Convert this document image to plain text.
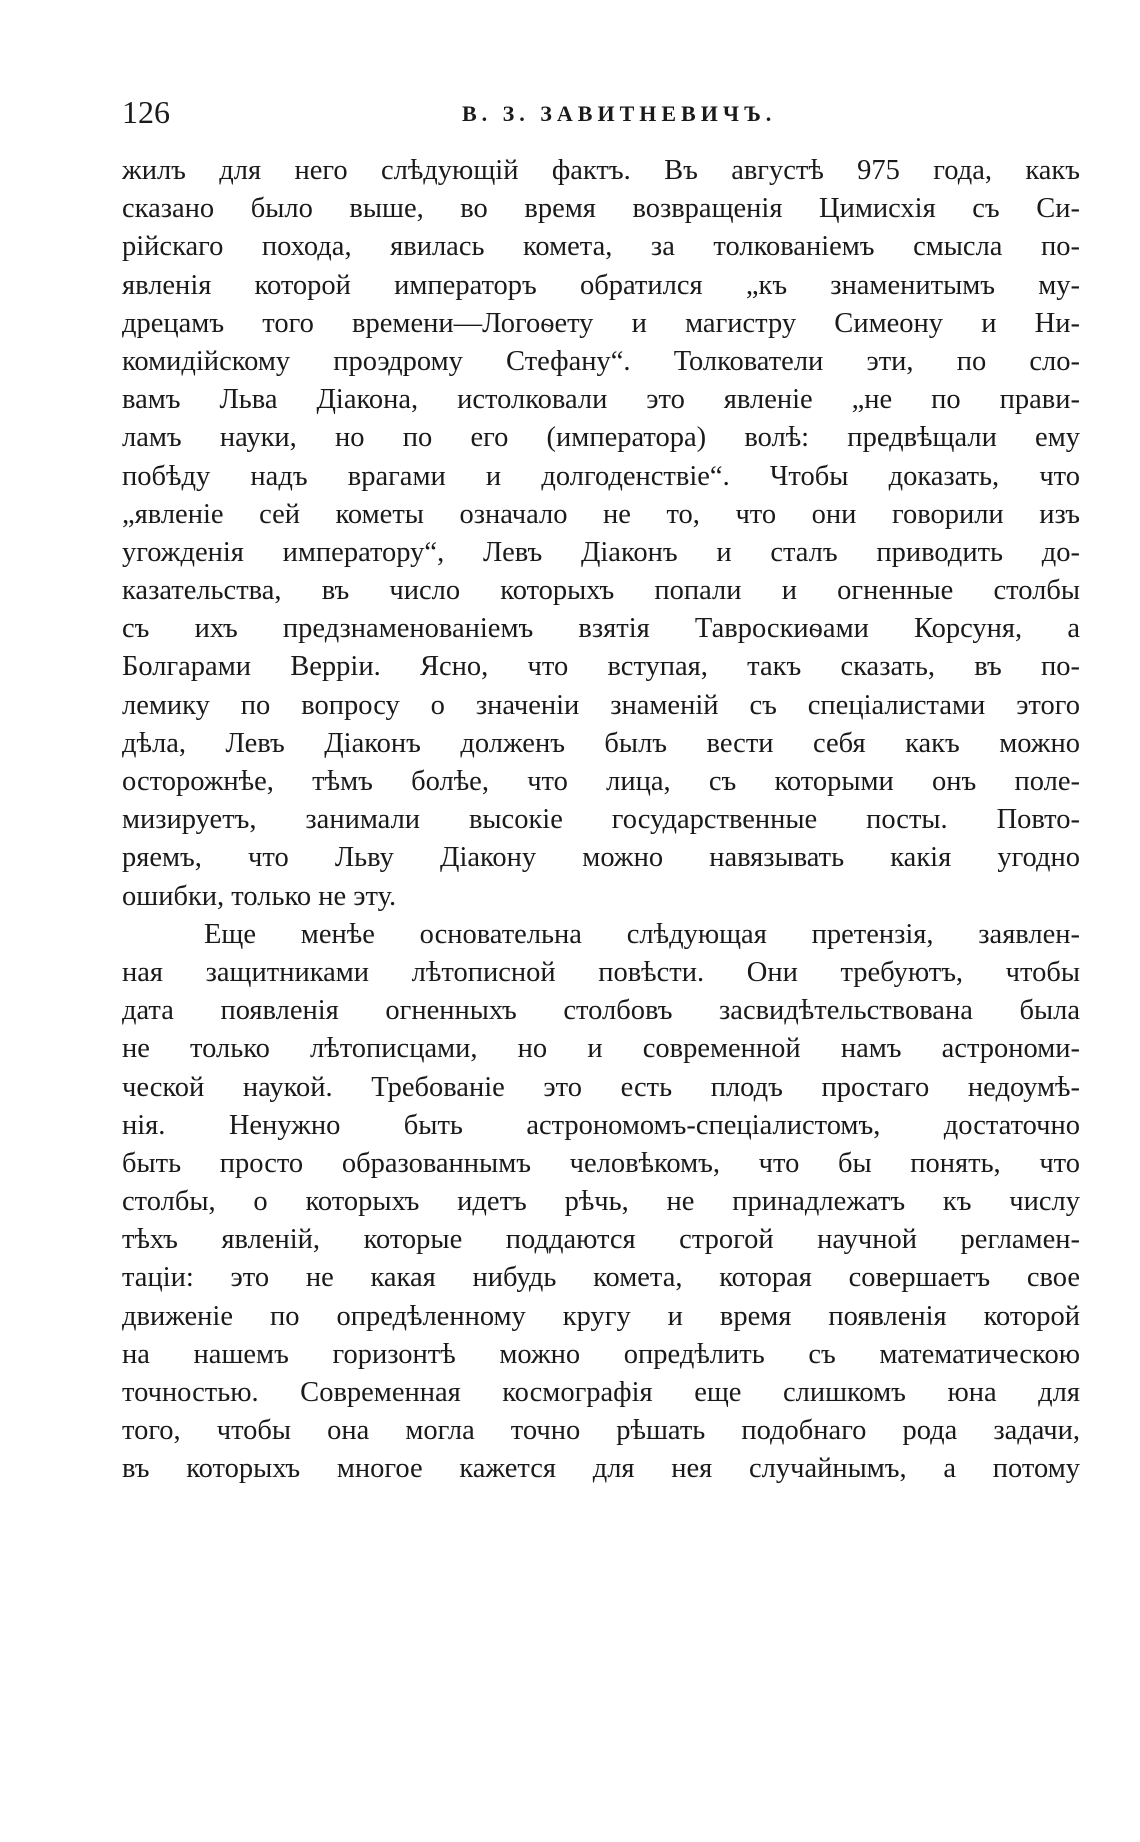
126	В. З. ЗАВИТНЕВИЧЪ.
жилъ для него слѣдующій фактъ. Въ августѣ 975 года, какъ
сказано было выше, во время возвращенія Цимисхія съ Си-
рійскаго похода, явилась комета, за толкованіемъ смысла по-
явленія которой императоръ обратился „къ знаменитымъ му-
дрецамъ того времени—Логоѳету и магистру Симеону и Ни-
комидійскому проэдрому Стефану“. Толкователи эти, по сло-
вамъ Льва Діакона, истолковали это явленіе „не по прави-
ламъ науки, но по его (императора) волѣ: предвѣщали ему
побѣду надъ врагами и долгоденствіе“. Чтобы доказать, что
„явленіе сей кометы означало не то, что они говорили изъ
угожденія императору“, Левъ Діаконъ и сталъ приводить до-
казательства, въ число которыхъ попали и огненные столбы
съ ихъ предзнаменованіемъ взятія Тавроскиѳами Корсуня, а
Болгарами Верріи. Ясно, что вступая, такъ сказать, въ по-
лемику по вопросу о значеніи знаменій съ спеціалистами этого
дѣла, Левъ Діаконъ долженъ былъ вести себя какъ можно
осторожнѣе, тѣмъ болѣе, что лица, съ которыми онъ поле-
мизируетъ, занимали высокіе государственные посты. Повто-
ряемъ, что Льву Діакону можно навязывать какія угодно
ошибки, только не эту.
Еще менѣе основательна слѣдующая претензія, заявлен-
ная защитниками лѣтописной повѣсти. Они требуютъ, чтобы
дата появленія огненныхъ столбовъ засвидѣтельствована была
не только лѣтописцами, но и современной намъ астрономи-
ческой наукой. Требованіе это есть плодъ простаго недоумѣ-
нія. Ненужно быть астрономомъ-спеціалистомъ, достаточно
быть просто образованнымъ человѣкомъ, что бы понять, что
столбы, о которыхъ идетъ рѣчь, не принадлежатъ къ числу
тѣхъ явленій, которые поддаются строгой научной регламен-
таціи: это не какая нибудь комета, которая совершаетъ свое
движеніе по опредѣленному кругу и время появленія которой
на нашемъ горизонтѣ можно опредѣлить съ математическою
точностью. Современная космографія еще слишкомъ юна для
того, чтобы она могла точно рѣшать подобнаго рода задачи,
въ которыхъ многое кажется для нея случайнымъ, а потому
